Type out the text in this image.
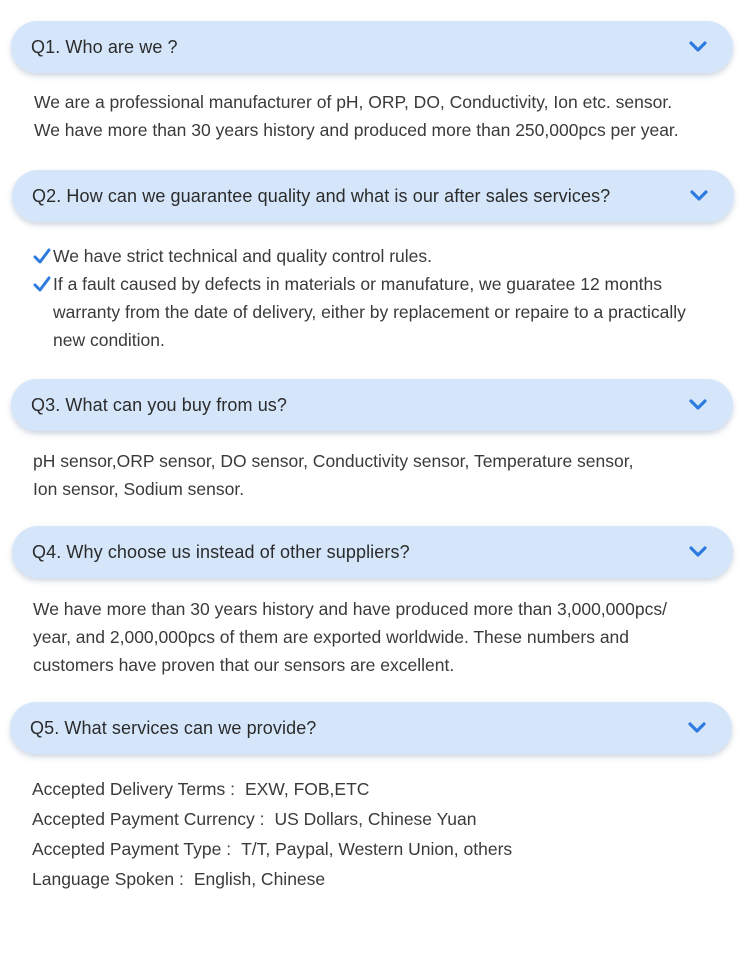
Q1. Who are we ?

We are a professional manufacturer of pH, ORP, DO, Conductivity, Ion etc. sensor.

We have more than 30 years history and produced more than 250,000pcs per year.

Q2. How can we guarantee quality and what is our after sales services?
We have strict technical and quality control rules.
If a fault caused by defects in materials or manufature, we guaratee 12 months warranty from the date of delivery, either by replacement or repaire to a practically new condition.
Q3. What can you buy from us?

pH sensor,ORP sensor, DO sensor, Conductivity sensor, Temperature sensor,

Ion sensor, Sodium sensor.

Q4. Why choose us instead of other suppliers?

We have more than 30 years history and have produced more than 3,000,000pcs/

year, and 2,000,000pcs of them are exported worldwide. These numbers and

customers have proven that our sensors are excellent.

Q5. What services can we provide?
Accepted Delivery Terms : EXW, FOB,ETC
Accepted Payment Currency : US Dollars, Chinese Yuan
Accepted Payment Type : T/T, Paypal, Western Union, others
Language Spoken : English, Chinese
